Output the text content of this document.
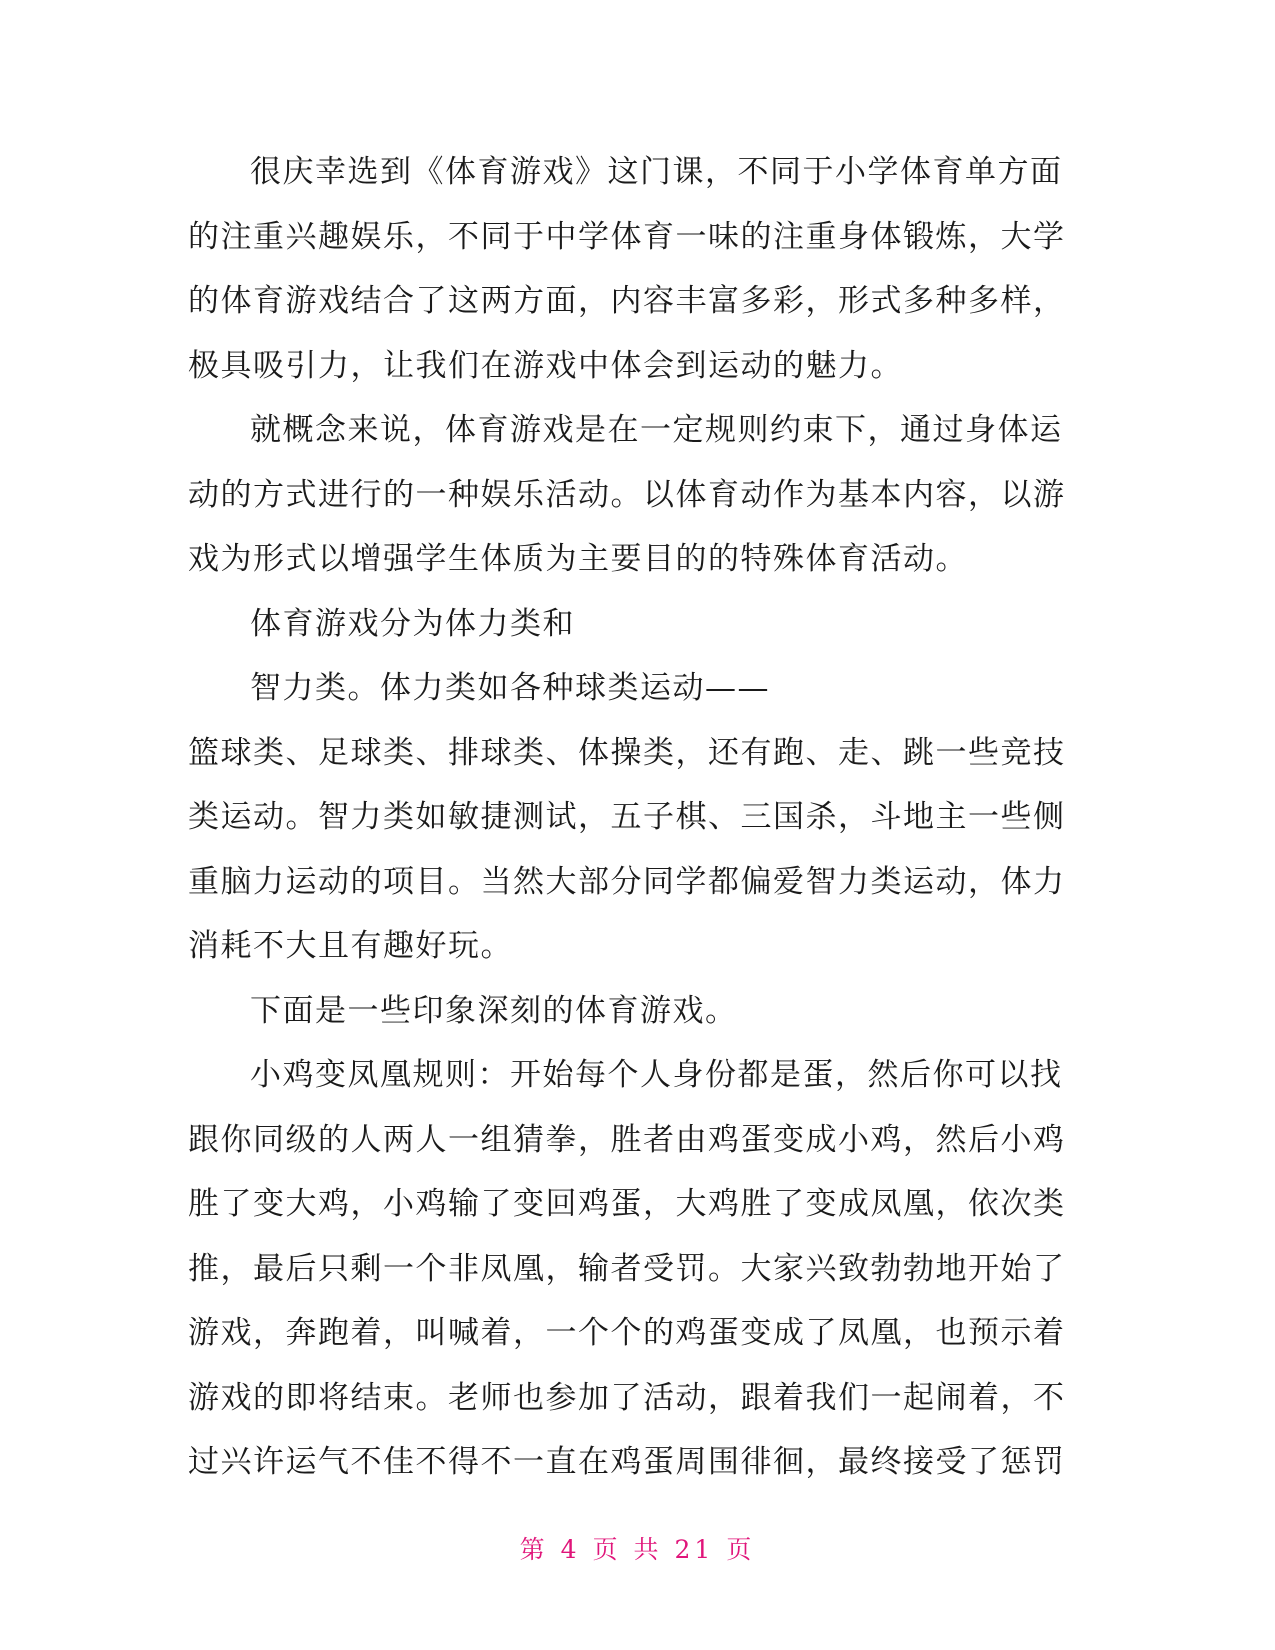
很庆幸选到《体育游戏》这门课，不同于小学体育单方面
的注重兴趣娱乐，不同于中学体育一味的注重身体锻炼，大学
的体育游戏结合了这两方面，内容丰富多彩，形式多种多样，
极具吸引力，让我们在游戏中体会到运动的魅力。
就概念来说，体育游戏是在一定规则约束下，通过身体运
动的方式进行的一种娱乐活动。以体育动作为基本内容，以游
戏为形式以增强学生体质为主要目的的特殊体育活动。
体育游戏分为体力类和
智力类。体力类如各种球类运动——
篮球类、足球类、排球类、体操类，还有跑、走、跳一些竞技
类运动。智力类如敏捷测试，五子棋、三国杀，斗地主一些侧
重脑力运动的项目。当然大部分同学都偏爱智力类运动，体力
消耗不大且有趣好玩。
下面是一些印象深刻的体育游戏。
小鸡变凤凰规则：开始每个人身份都是蛋，然后你可以找
跟你同级的人两人一组猜拳，胜者由鸡蛋变成小鸡，然后小鸡
胜了变大鸡，小鸡输了变回鸡蛋，大鸡胜了变成凤凰，依次类
推，最后只剩一个非凤凰，输者受罚。大家兴致勃勃地开始了
游戏，奔跑着，叫喊着，一个个的鸡蛋变成了凤凰，也预示着
游戏的即将结束。老师也参加了活动，跟着我们一起闹着，不
过兴许运气不佳不得不一直在鸡蛋周围徘徊，最终接受了惩罚
第 4 页 共 21 页
